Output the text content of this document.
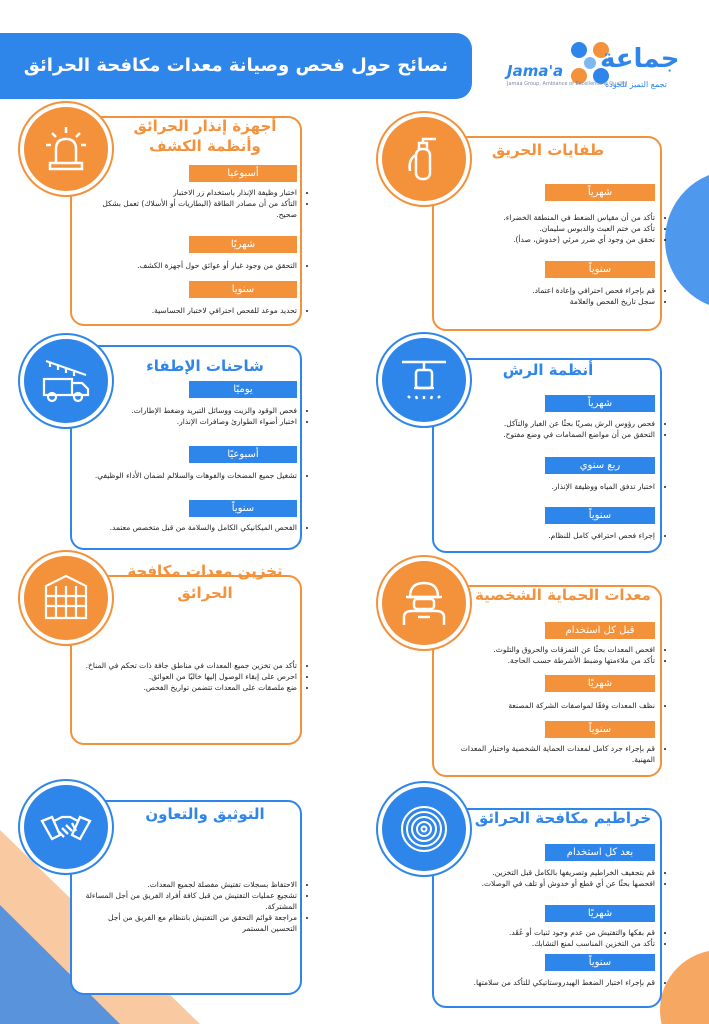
نصائح حول فحص وصيانة معدات مكافحة الحرائق	Jama'a
Jamaa Group, Ambiance of Excellence & Quality
جماعة
تجمع التميز للجودة
طفايات الحريق
شهرياً
• تأكد من أن مقياس الضغط في المنطقة الخضراء.
• تأكد من ختم العبث والدبوس سليمان.
• تحقق من وجود أي ضرر مرئي (خدوش، صدأ).
سنوياً
• قم بإجراء فحص احترافي وإعادة اعتماد.
• سجل تاريخ الفحص والعلامة
أجهزة إنذار الحرائق
وأنظمة الكشف
أسبوعيا
• اختبار وظيفة الإنذار باستخدام زر الاختبار
• التأكد من أن مصادر الطاقة (البطاريات أو الأسلاك) تعمل بشكل صحيح.
شهريًا
• التحقق من وجود غبار أو عوائق حول أجهزة الكشف.
سنويا
• تحديد موعد للفحص احترافي لاختبار الحساسية.
أنظمة الرش
شهرياً
• فحص رؤوس الرش بصريًا بحثًا عن الغبار والتآكل.
• التحقق من أن مواضع الصمامات في وضع مفتوح.
ربع سنوي
• اختبار تدفق المياه ووظيفة الإنذار.
سنوياً
• إجراء فحص احترافي كامل للنظام.
شاحنات الإطفاء
يوميًا
• فحص الوقود والزيت ووسائل التبريد وضغط الإطارات.
• اختبار أضواء الطوارئ وصافرات الإنذار.
أسبوعيًا
• تشغيل جميع المضخات والفوهات والسلالم لضمان الأداء الوظيفي.
سنوياً
• الفحص الميكانيكي الكامل والسلامة من قبل متخصص معتمد.
معدات الحماية الشخصية
قبل كل استخدام
• افحص المعدات بحثًا عن التمزقات والحروق والتلوث.
• تأكد من ملاءمتها وضبط الأشرطة حسب الحاجة.
شهريًا
• نظف المعدات وفقًا لمواصفات الشركة المصنعة
سنوياً
• قم بإجراء جرد كامل لمعدات الحماية الشخصية واختبار المعدات المهنية.
تخزين معدات مكافحة
الحرائق
• تأكد من تخزين جميع المعدات في مناطق جافة ذات تحكم في المناخ.
• احرص على إبقاء الوصول إليها خاليًا من العوائق.
• ضع ملصقات على المعدات تتضمن تواريخ الفحص.
خراطيم مكافحة الحرائق
بعد كل استخدام
• قم بتجفيف الخراطيم وتصريفها بالكامل قبل التخزين.
• افحصها بحثًا عن أي قطع أو خدوش أو تلف في الوصلات.
شهريًا
• قم بفكها والتفتيش من عدم وجود ثنيات أو عُقَد.
• تأكد من التخزين المناسب لمنع التشابك.
سنوياً
• قم بإجراء اختبار الضغط الهيدروستاتيكي للتأكد من سلامتها.
التوثيق والتعاون
• الاحتفاظ بسجلات تفتيش مفصلة لجميع المعدات.
• تشجيع عمليات التفتيش من قبل كافة أفراد الفريق من أجل المساءلة المشتركة.
• مراجعة قوائم التحقق من التفتيش بانتظام مع الفريق من أجل التحسين المستمر
